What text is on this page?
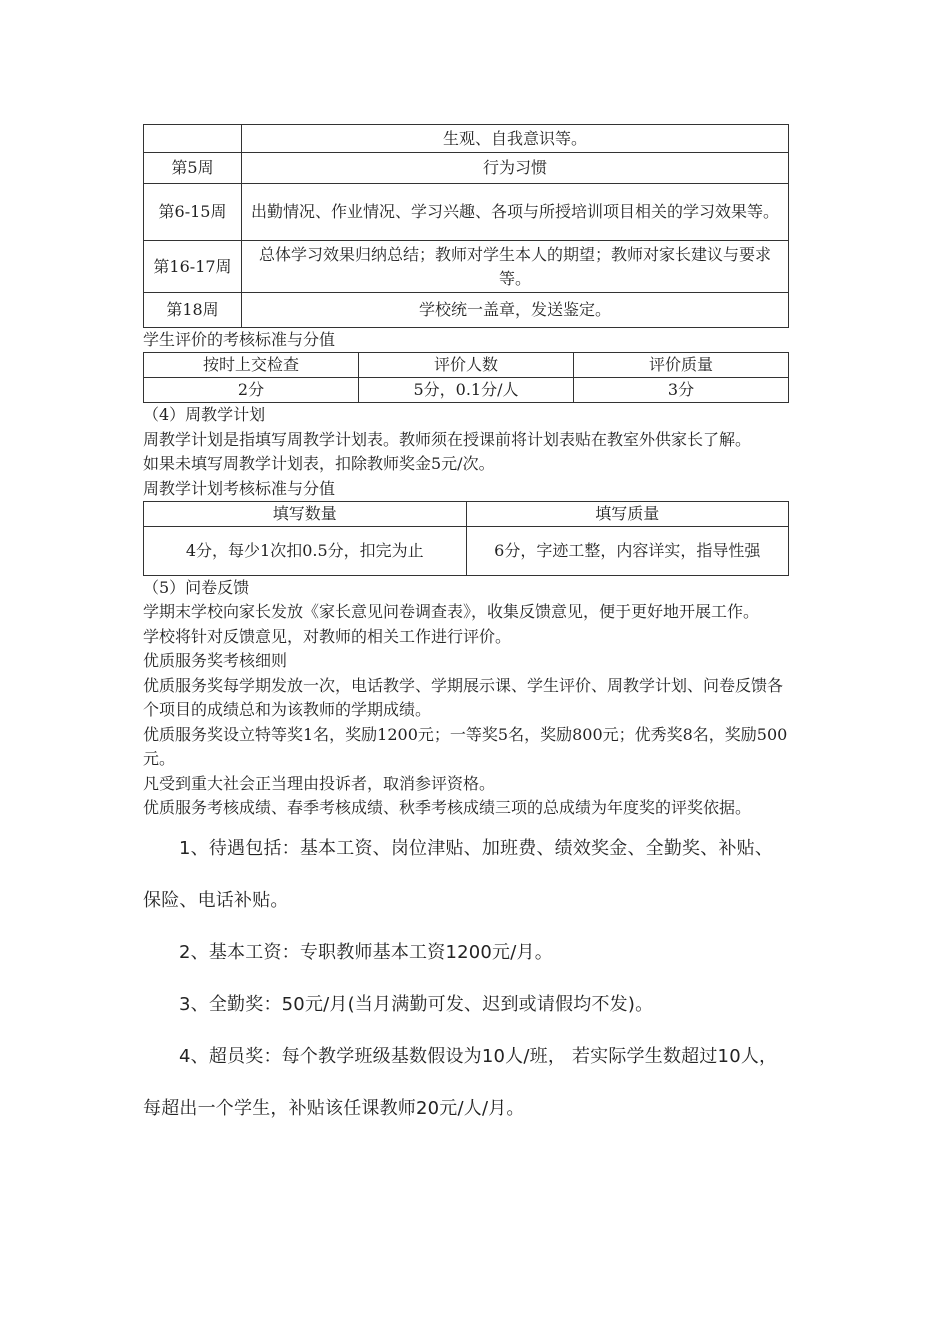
	生观、自我意识等。
第5周	行为习惯
第6-15周	出勤情况、作业情况、学习兴趣、各项与所授培训项目相关的学习效果等。
第16-17周	总体学习效果归纳总结；教师对学生本人的期望；教师对家长建议与要求等。
第18周	学校统一盖章，发送鉴定。

学生评价的考核标准与分值

按时上交检查	评价人数	评价质量
2分	5分，0.1分/人	3分

（4）周教学计划

周教学计划是指填写周教学计划表。教师须在授课前将计划表贴在教室外供家长了解。

如果未填写周教学计划表，扣除教师奖金5元/次。

周教学计划考核标准与分值

填写数量	填写质量
4分，每少1次扣0.5分，扣完为止	6分，字迹工整，内容详实，指导性强

（5）问卷反馈

学期末学校向家长发放《家长意见问卷调查表》，收集反馈意见，便于更好地开展工作。

学校将针对反馈意见，对教师的相关工作进行评价。

优质服务奖考核细则

优质服务奖每学期发放一次，电话教学、学期展示课、学生评价、周教学计划、问卷反馈各个项目的成绩总和为该教师的学期成绩。

优质服务奖设立特等奖1名，奖励1200元；一等奖5名，奖励800元；优秀奖8名，奖励500元。

凡受到重大社会正当理由投诉者，取消参评资格。

优质服务考核成绩、春季考核成绩、秋季考核成绩三项的总成绩为年度奖的评奖依据。

1、待遇包括：基本工资、岗位津贴、加班费、绩效奖金、全勤奖、补贴、保险、电话补贴。

2、基本工资：专职教师基本工资1200元/月。

3、全勤奖：50元/月(当月满勤可发、迟到或请假均不发)。

4、超员奖：每个教学班级基数假设为10人/班， 若实际学生数超过10人，每超出一个学生，补贴该任课教师20元/人/月。
